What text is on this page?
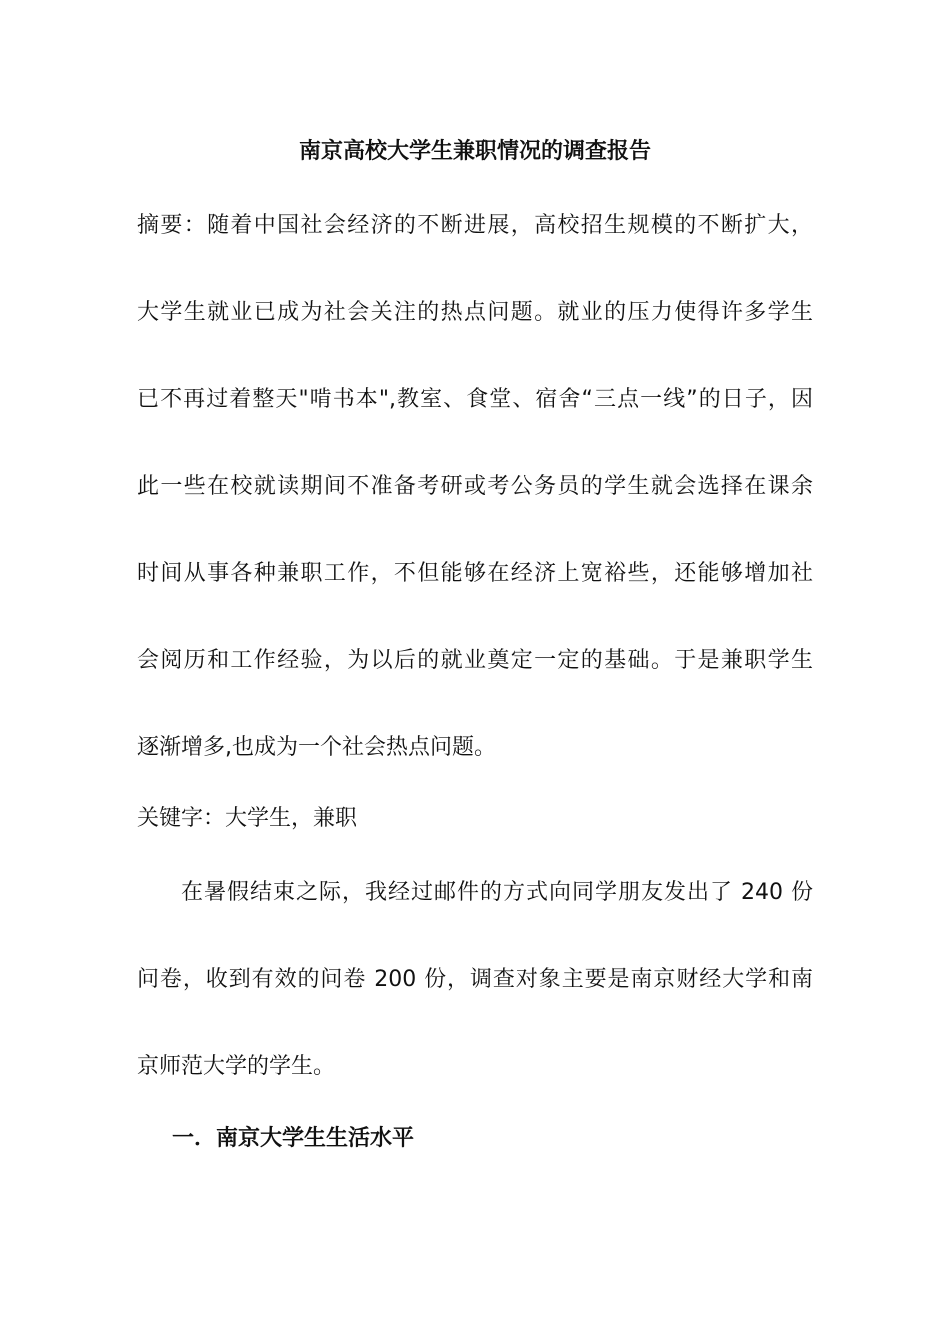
南京高校大学生兼职情况的调查报告
摘要：随着中国社会经济的不断进展，高校招生规模的不断扩大，
大学生就业已成为社会关注的热点问题。就业的压力使得许多学生
已不再过着整天"啃书本",教室、食堂、宿舍“三点一线”的日子，因
此一些在校就读期间不准备考研或考公务员的学生就会选择在课余
时间从事各种兼职工作，不但能够在经济上宽裕些，还能够增加社
会阅历和工作经验，为以后的就业奠定一定的基础。于是兼职学生
逐渐增多,也成为一个社会热点问题。
关键字：大学生，兼职
在暑假结束之际，我经过邮件的方式向同学朋友发出了 240 份
问卷，收到有效的问卷 200 份，调查对象主要是南京财经大学和南
京师范大学的学生。
一．南京大学生生活水平
